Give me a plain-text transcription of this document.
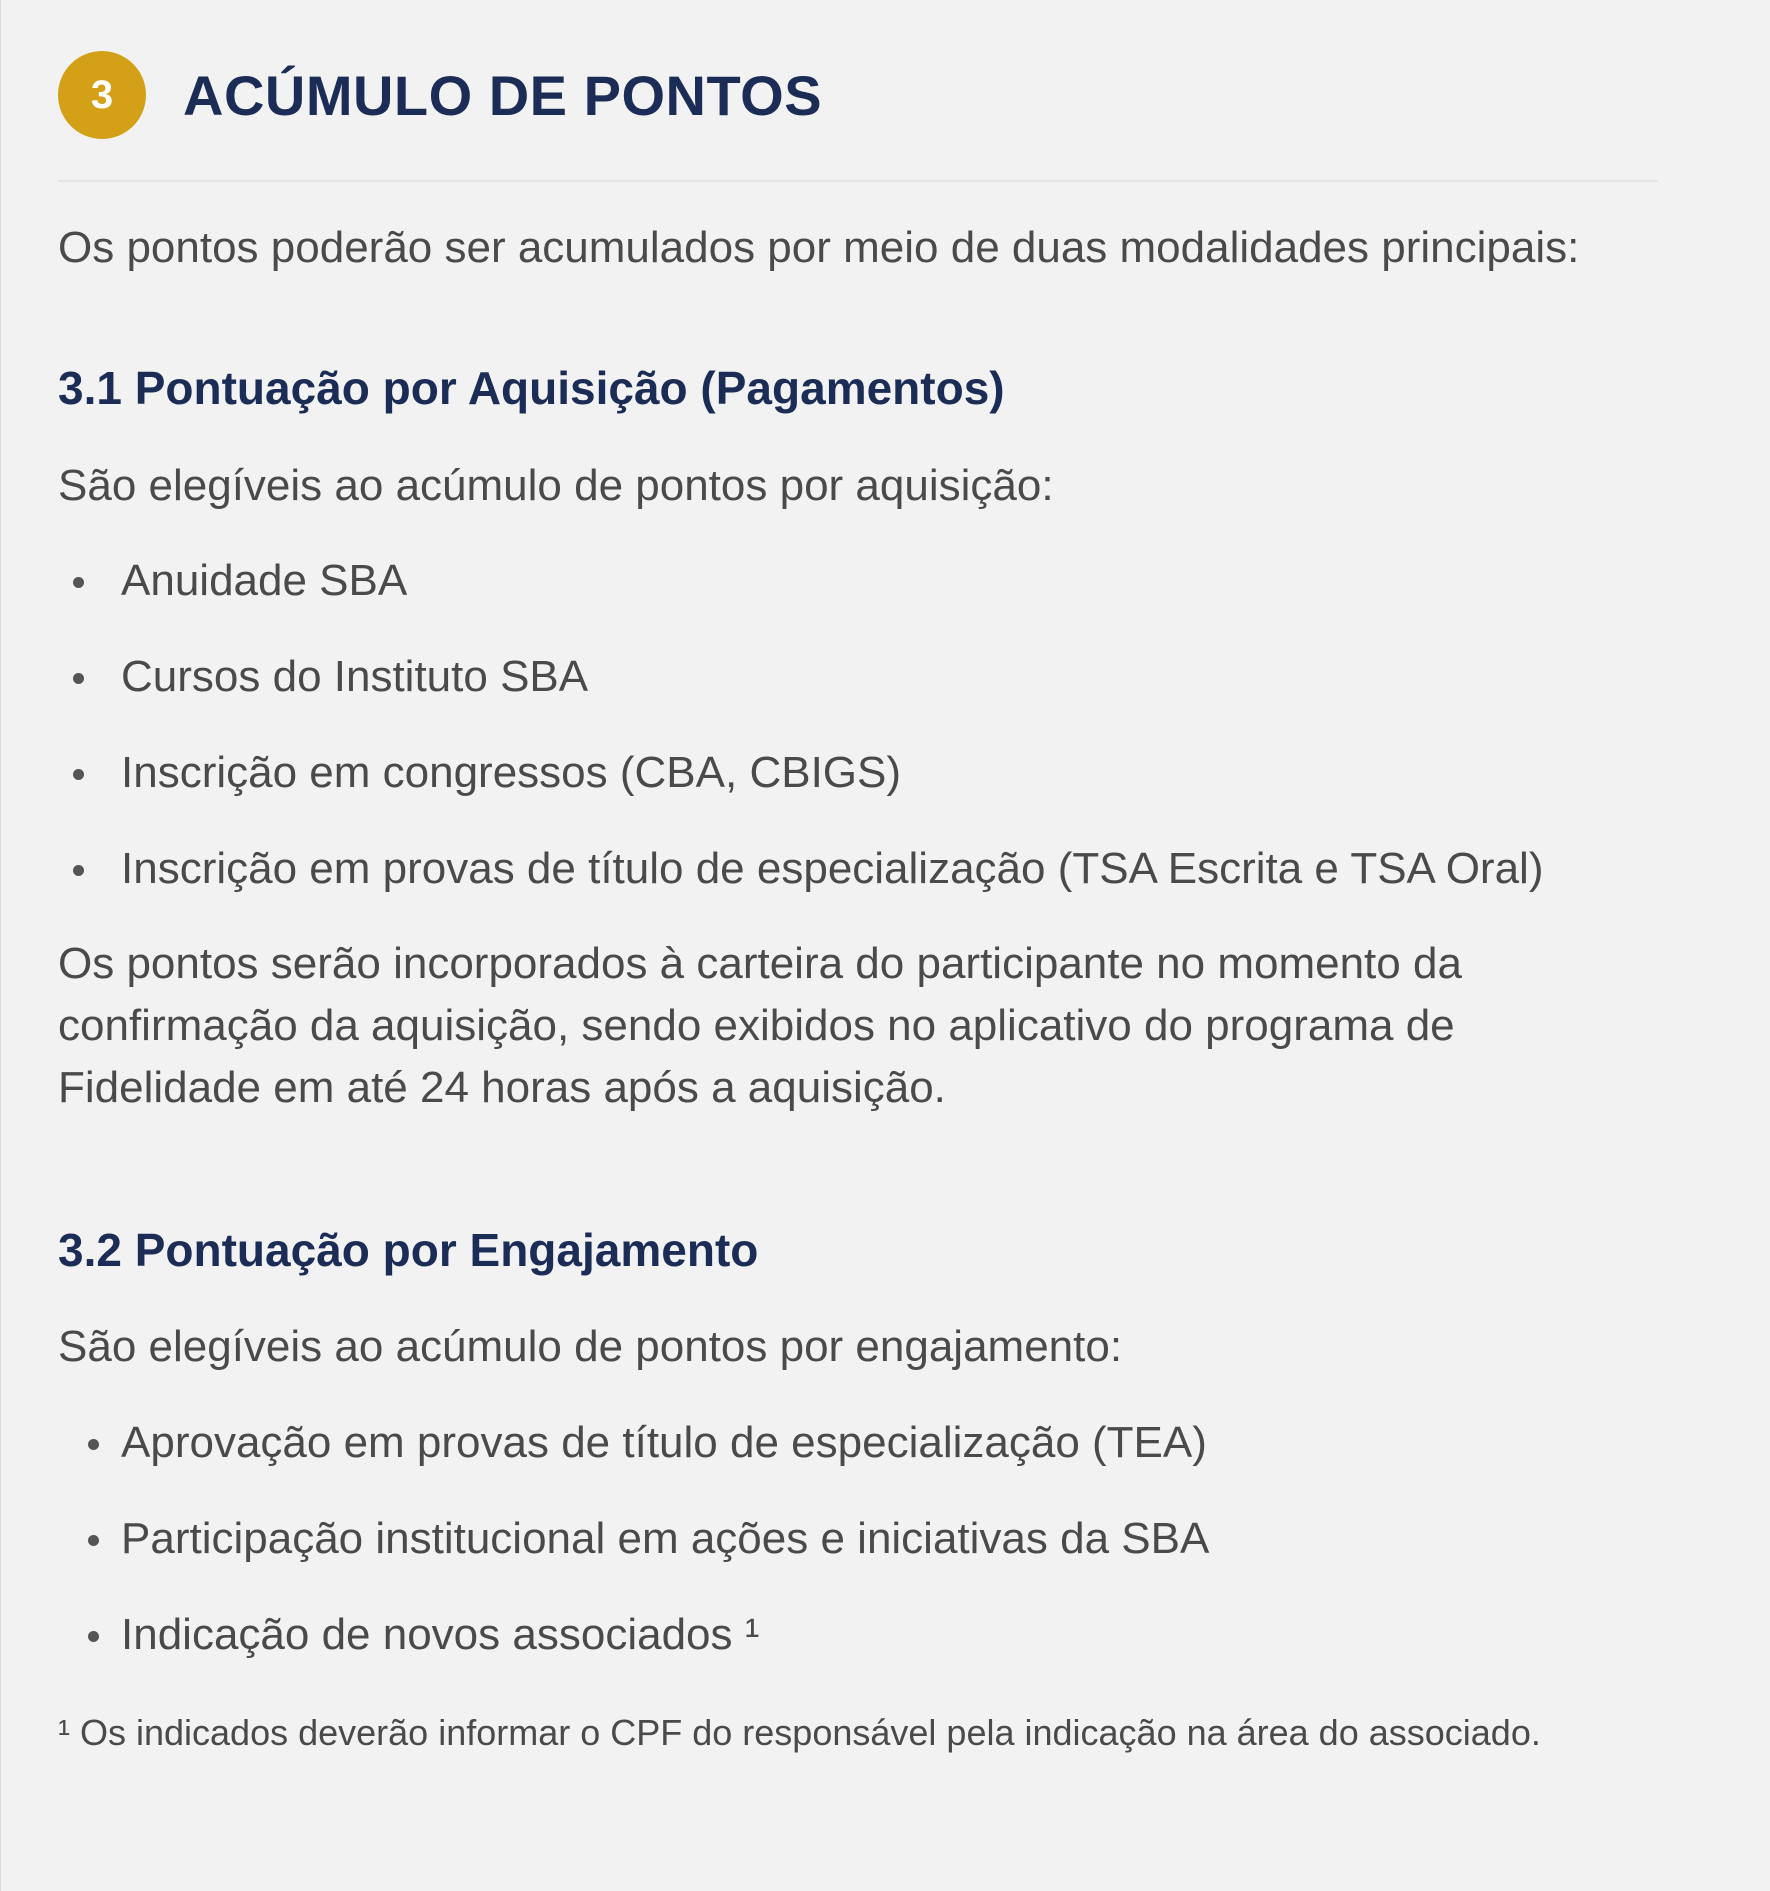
3	ACÚMULO DE PONTOS

Os pontos poderão ser acumulados por meio de duas modalidades principais:

3.1 Pontuação por Aquisição (Pagamentos)

São elegíveis ao acúmulo de pontos por aquisição:

Anuidade SBA
Cursos do Instituto SBA
Inscrição em congressos (CBA, CBIGS)
Inscrição em provas de título de especialização (TSA Escrita e TSA Oral)

Os pontos serão incorporados à carteira do participante no momento da confirmação da aquisição, sendo exibidos no aplicativo do programa de Fidelidade em até 24 horas após a aquisição.

3.2 Pontuação por Engajamento

São elegíveis ao acúmulo de pontos por engajamento:

Aprovação em provas de título de especialização (TEA)
Participação institucional em ações e iniciativas da SBA
Indicação de novos associados ¹

¹ Os indicados deverão informar o CPF do responsável pela indicação na área do associado.
